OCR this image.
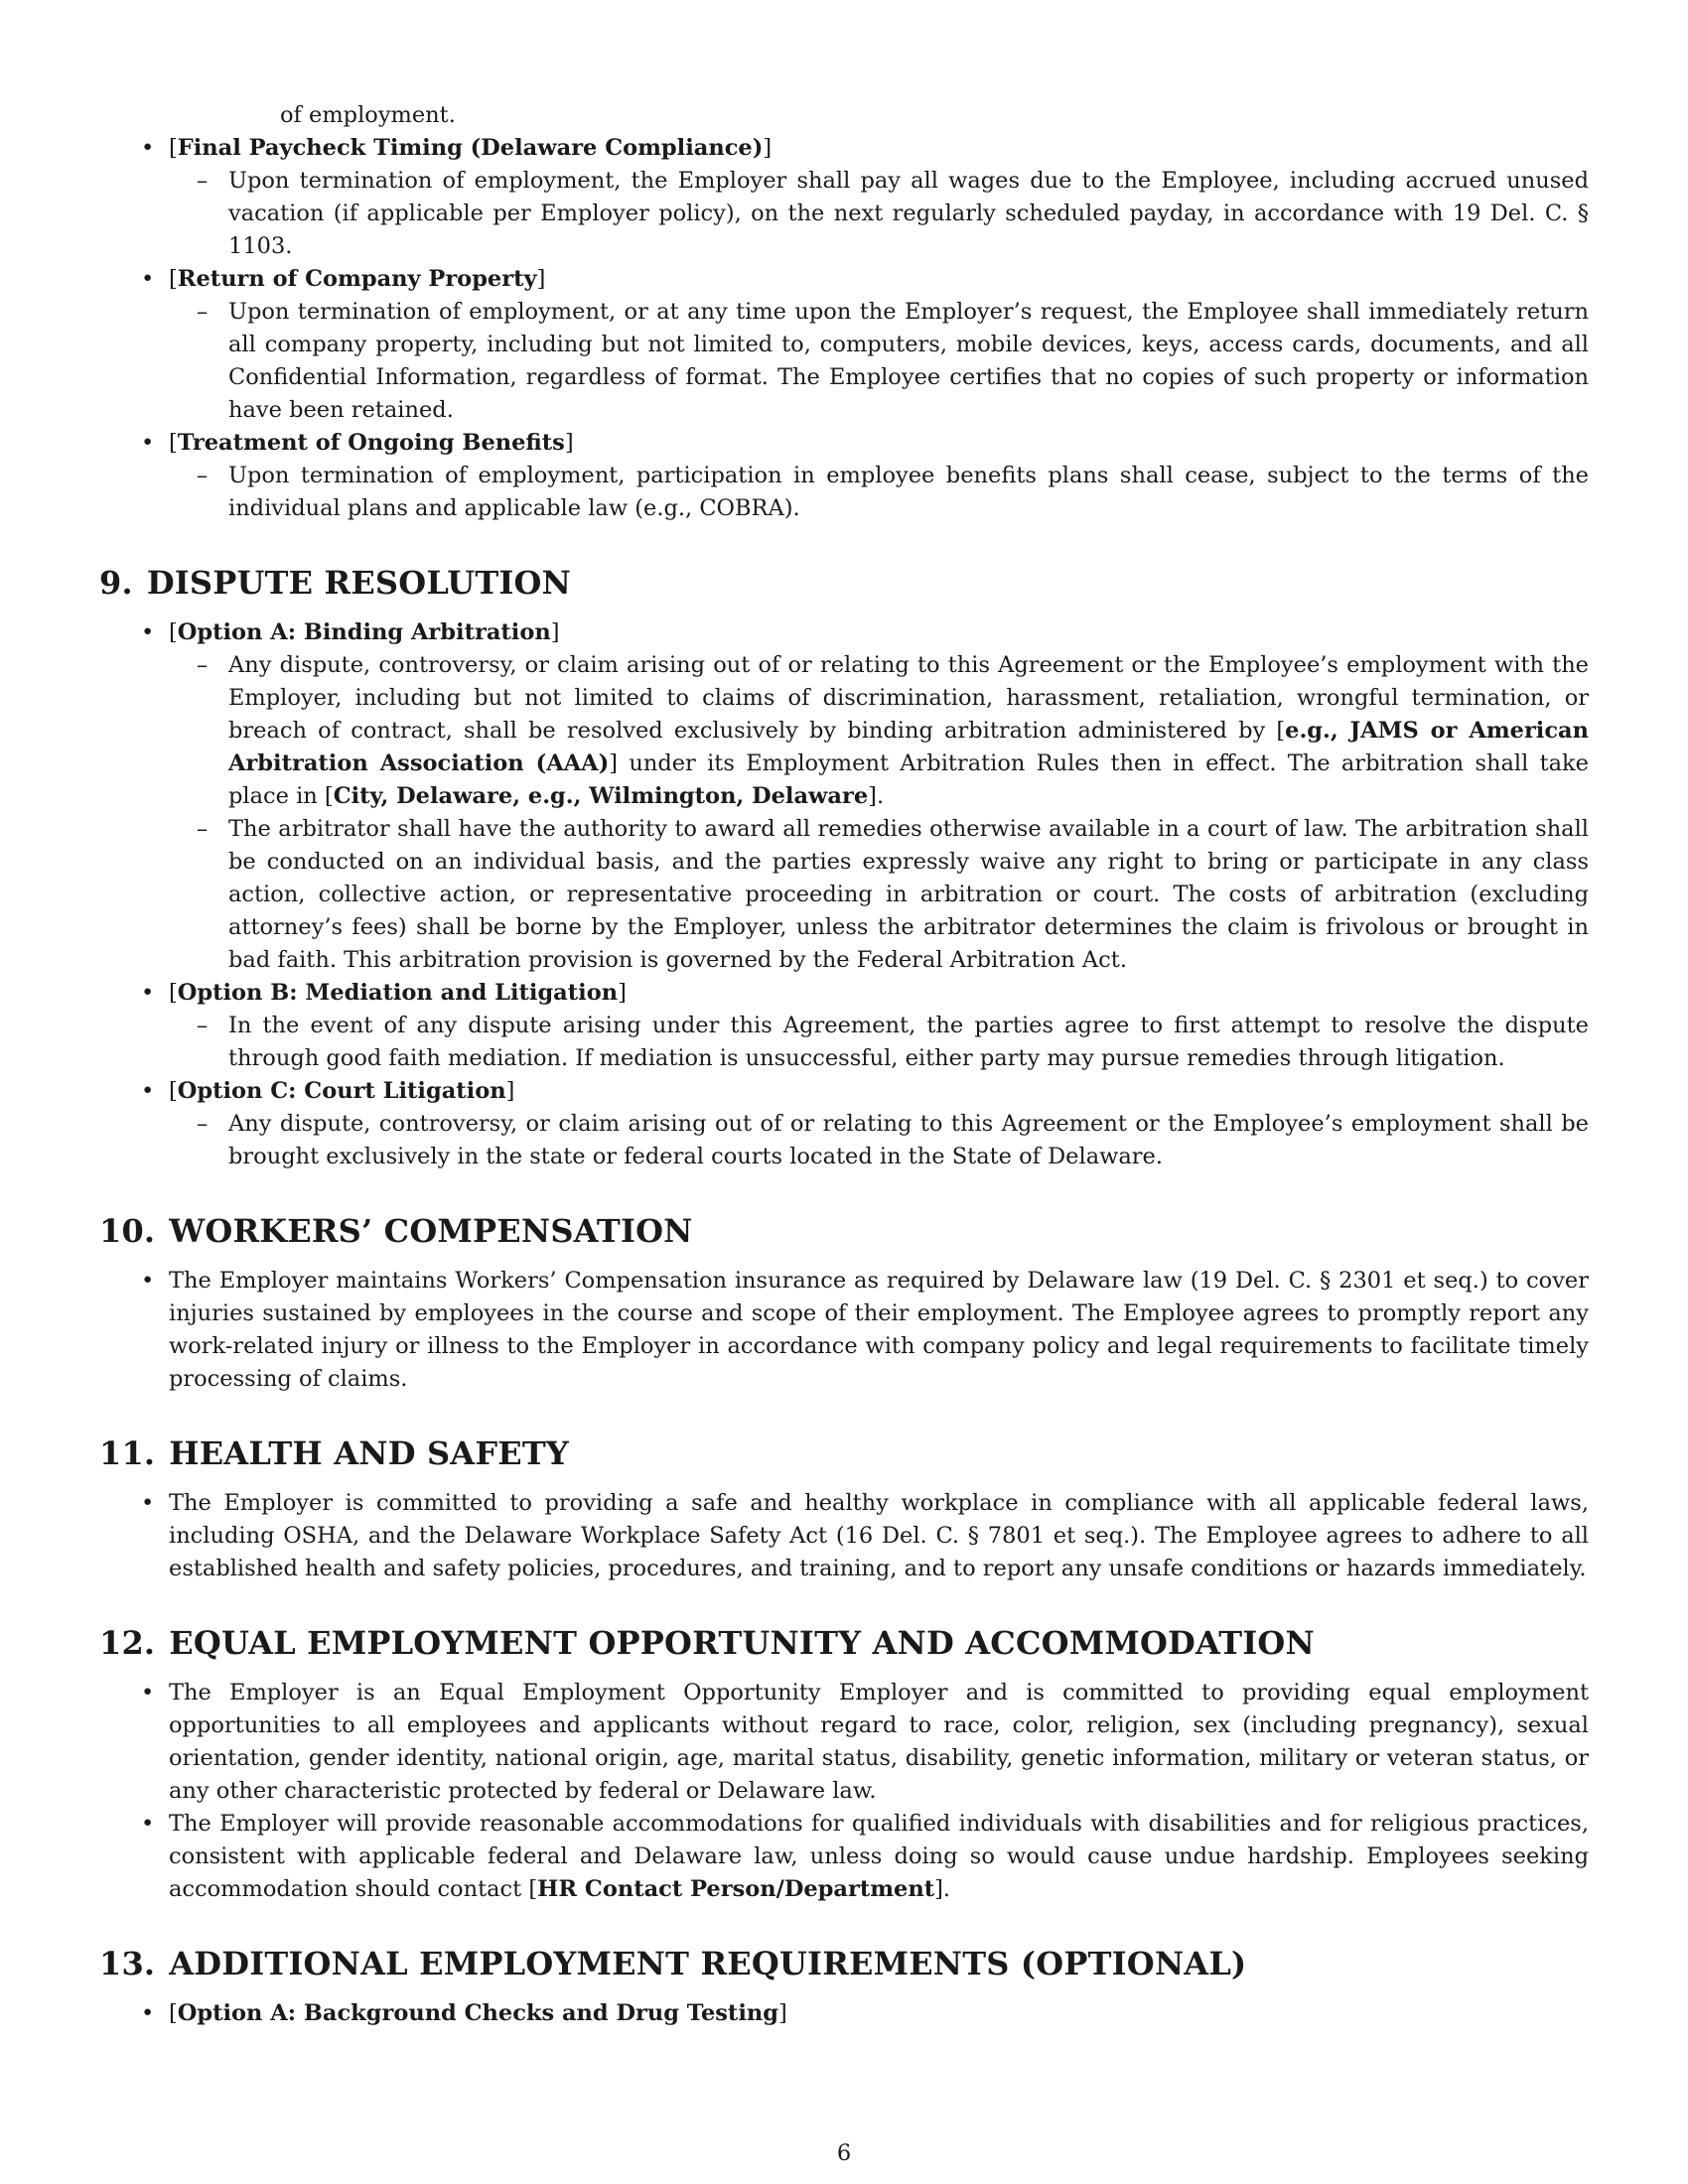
of employment.
• [Final Paycheck Timing (Delaware Compliance)]
– Upon termination of employment, the Employer shall pay all wages due to the Employee, including accrued unused vacation (if applicable per Employer policy), on the next regularly scheduled payday, in accordance with 19 Del. C. § 1103.
• [Return of Company Property]
– Upon termination of employment, or at any time upon the Employer’s request, the Employee shall immediately return all company property, including but not limited to, computers, mobile devices, keys, access cards, documents, and all Confidential Information, regardless of format. The Employee certifies that no copies of such property or information have been retained.
• [Treatment of Ongoing Benefits]
– Upon termination of employment, participation in employee benefits plans shall cease, subject to the terms of the individual plans and applicable law (e.g., COBRA).
9. DISPUTE RESOLUTION
• [Option A: Binding Arbitration]
– Any dispute, controversy, or claim arising out of or relating to this Agreement or the Employee’s employment with the Employer, including but not limited to claims of discrimination, harassment, retaliation, wrongful termination, or breach of contract, shall be resolved exclusively by binding arbitration administered by [e.g., JAMS or American Arbitration Association (AAA)] under its Employment Arbitration Rules then in effect. The arbitration shall take place in [City, Delaware, e.g., Wilmington, Delaware].
– The arbitrator shall have the authority to award all remedies otherwise available in a court of law. The arbitration shall be conducted on an individual basis, and the parties expressly waive any right to bring or participate in any class action, collective action, or representative proceeding in arbitration or court. The costs of arbitration (excluding attorney’s fees) shall be borne by the Employer, unless the arbitrator determines the claim is frivolous or brought in bad faith. This arbitration provision is governed by the Federal Arbitration Act.
• [Option B: Mediation and Litigation]
– In the event of any dispute arising under this Agreement, the parties agree to first attempt to resolve the dispute through good faith mediation. If mediation is unsuccessful, either party may pursue remedies through litigation.
• [Option C: Court Litigation]
– Any dispute, controversy, or claim arising out of or relating to this Agreement or the Employee’s employment shall be brought exclusively in the state or federal courts located in the State of Delaware.
10. WORKERS’ COMPENSATION
• The Employer maintains Workers’ Compensation insurance as required by Delaware law (19 Del. C. § 2301 et seq.) to cover injuries sustained by employees in the course and scope of their employment. The Employee agrees to promptly report any work-related injury or illness to the Employer in accordance with company policy and legal requirements to facilitate timely processing of claims.
11. HEALTH AND SAFETY
• The Employer is committed to providing a safe and healthy workplace in compliance with all applicable federal laws, including OSHA, and the Delaware Workplace Safety Act (16 Del. C. § 7801 et seq.). The Employee agrees to adhere to all established health and safety policies, procedures, and training, and to report any unsafe conditions or hazards immediately.
12. EQUAL EMPLOYMENT OPPORTUNITY AND ACCOMMODATION
• The Employer is an Equal Employment Opportunity Employer and is committed to providing equal employment opportunities to all employees and applicants without regard to race, color, religion, sex (including pregnancy), sexual orientation, gender identity, national origin, age, marital status, disability, genetic information, military or veteran status, or any other characteristic protected by federal or Delaware law.
• The Employer will provide reasonable accommodations for qualified individuals with disabilities and for religious practices, consistent with applicable federal and Delaware law, unless doing so would cause undue hardship. Employees seeking accommodation should contact [HR Contact Person/Department].
13. ADDITIONAL EMPLOYMENT REQUIREMENTS (OPTIONAL)
• [Option A: Background Checks and Drug Testing]
6
